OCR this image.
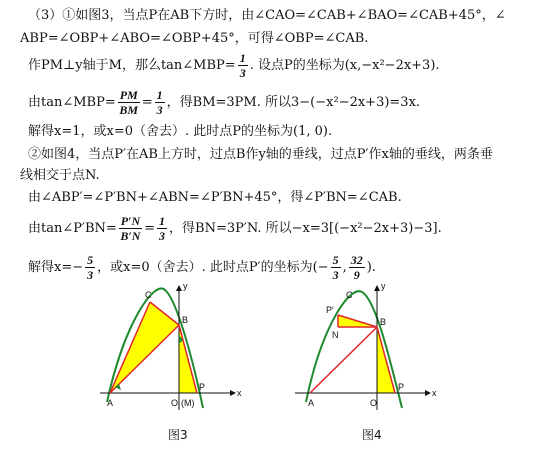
（3）①如图3，当点P在AB下方时，由∠CAO=∠CAB+∠BAO=∠CAB+45°，∠
ABP=∠OBP+∠ABO=∠OBP+45°，可得∠OBP=∠CAB.
作PM⊥y轴于M，那么tan∠MBP= $\frac{1}{3}$ . 设点P的坐标为(x,−x²−2x+3).
由tan∠MBP= $\frac{PM}{BM} = \frac{1}{3}$ ，得BM=3PM. 所以3−(−x²−2x+3)=3x.
解得x=1，或x=0（舍去）. 此时点P的坐标为(1, 0).
②如图4，当点P′在AB上方时，过点B作y轴的垂线，过点P′作x轴的垂线，两条垂
线相交于点N.
由∠ABP′=∠P′BN+∠ABN=∠P′BN+45°，得∠P′BN=∠CAB.
由tan∠P′BN= $\frac{P'N}{B'N} = \frac{1}{3}$ ，得BN=3P′N. 所以−x=3[(−x²−2x+3)−3].
解得$x=- \frac{5}{3}$ ，或x=0（舍去）. 此时点P′的坐标为(− $\frac{5}{3}$ , $\frac{32}{9}$ ).
C
B
A	O (M)
P
x
y
图3
C
P′
N
B
A	O
P
x
y
图4
